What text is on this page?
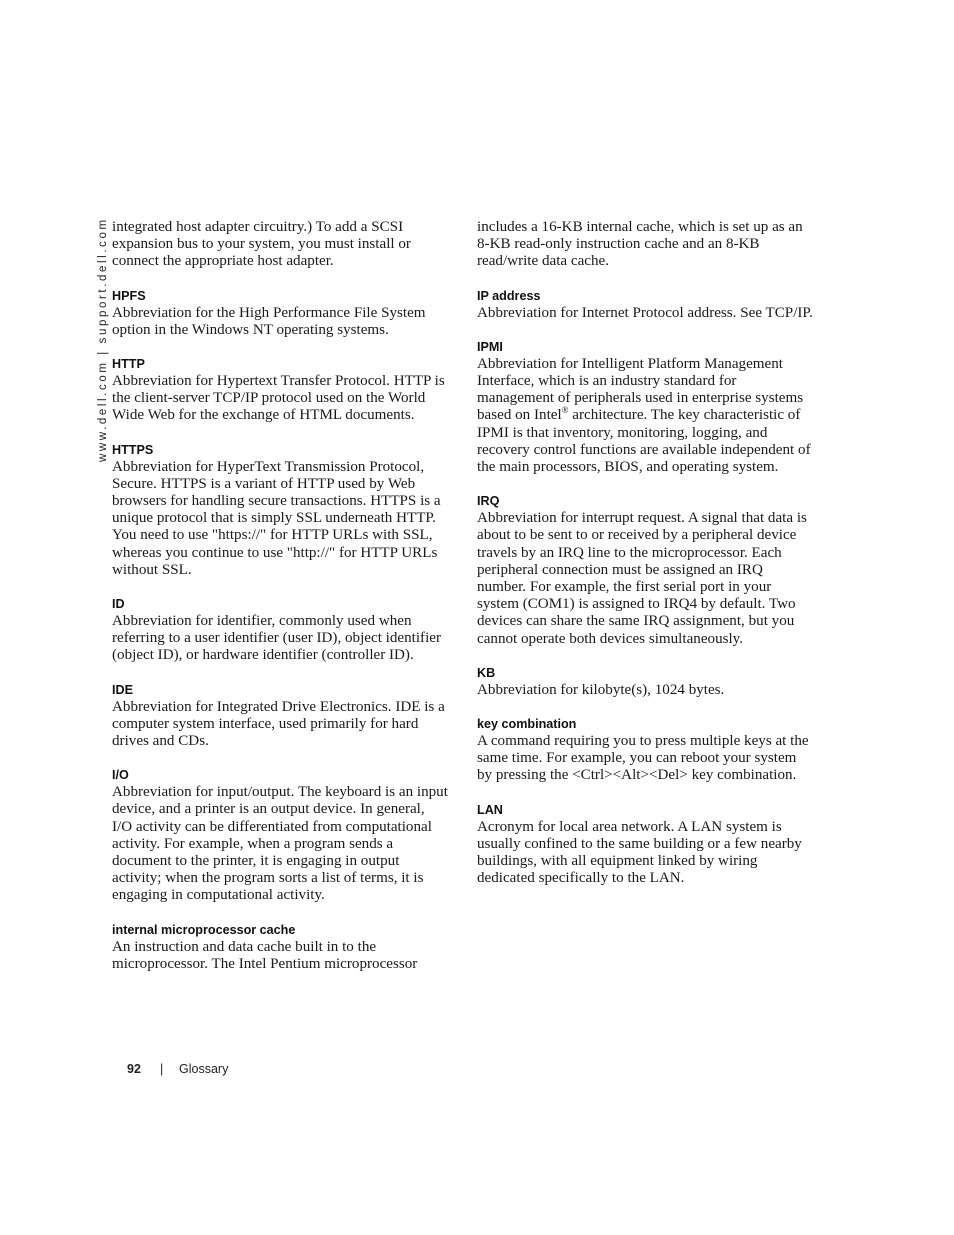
www.dell.com | support.dell.com integrated host adapter circuitry.) To add a SCSI expansion bus to your system, you must install or connect the appropriate host adapter.

HPFS

Abbreviation for the High Performance File System option in the Windows NT operating systems.

HTTP

Abbreviation for Hypertext Transfer Protocol. HTTP is the client-server TCP/IP protocol used on the World Wide Web for the exchange of HTML documents.

HTTPS

Abbreviation for HyperText Transmission Protocol, Secure. HTTPS is a variant of HTTP used by Web browsers for handling secure transactions. HTTPS is a unique protocol that is simply SSL underneath HTTP. You need to use "https://" for HTTP URLs with SSL, whereas you continue to use "http://" for HTTP URLs without SSL.

ID

Abbreviation for identifier, commonly used when referring to a user identifier (user ID), object identifier (object ID), or hardware identifier (controller ID).

IDE

Abbreviation for Integrated Drive Electronics. IDE is a computer system interface, used primarily for hard drives and CDs.

I/O

Abbreviation for input/output. The keyboard is an input device, and a printer is an output device. In general, I/O activity can be differentiated from computational activity. For example, when a program sends a document to the printer, it is engaging in output activity; when the program sorts a list of terms, it is engaging in computational activity.

internal microprocessor cache

An instruction and data cache built in to the microprocessor. The Intel Pentium microprocessor

includes a 16-KB internal cache, which is set up as an 8-KB read-only instruction cache and an 8-KB read/write data cache.

IP address

Abbreviation for Internet Protocol address. See TCP/IP.

IPMI

Abbreviation for Intelligent Platform Management Interface, which is an industry standard for management of peripherals used in enterprise systems based on Intel® architecture. The key characteristic of IPMI is that inventory, monitoring, logging, and recovery control functions are available independent of the main processors, BIOS, and operating system.

IRQ

Abbreviation for interrupt request. A signal that data is about to be sent to or received by a peripheral device travels by an IRQ line to the microprocessor. Each peripheral connection must be assigned an IRQ number. For example, the first serial port in your system (COM1) is assigned to IRQ4 by default. Two devices can share the same IRQ assignment, but you cannot operate both devices simultaneously.

KB

Abbreviation for kilobyte(s), 1024 bytes.

key combination

A command requiring you to press multiple keys at the same time. For example, you can reboot your system by pressing the <Ctrl><Alt><Del> key combination.

LAN

Acronym for local area network. A LAN system is usually confined to the same building or a few nearby buildings, with all equipment linked by wiring dedicated specifically to the LAN.

92 | Glossary
